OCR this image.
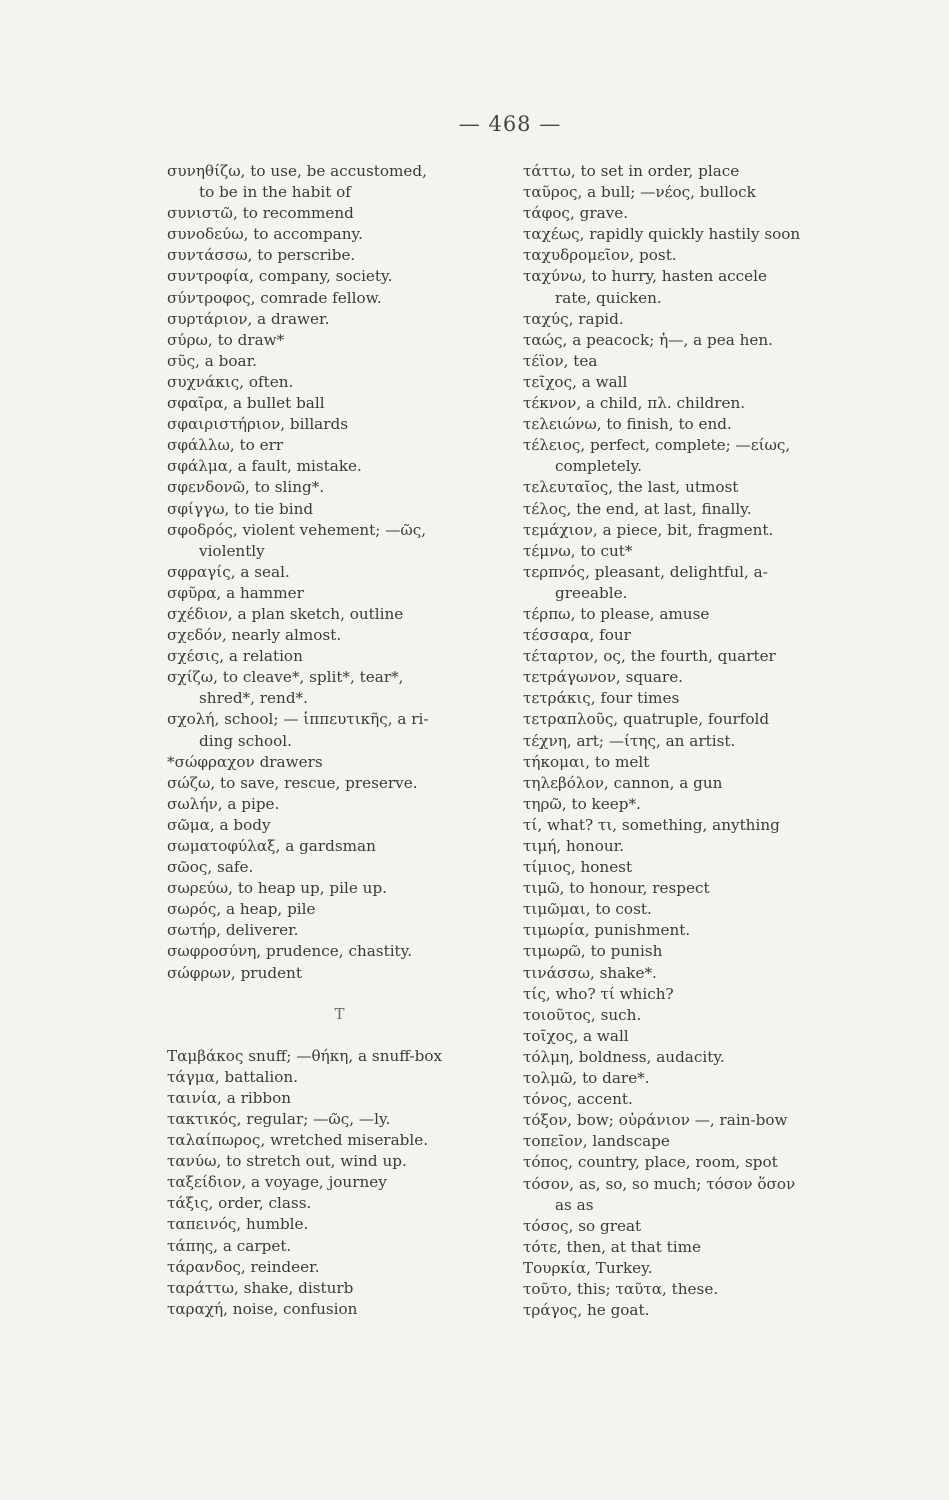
— 468 —
συνηθίζω, to use, be accustomed,
to be in the habit of
συνιστῶ, to recommend
συνοδεύω, to accompany.
συντάσσω, to perscribe.
συντροφία, company, society.
σύντροφος, comrade fellow.
συρτάριον, a drawer.
σύρω, to draw*
σῦς, a boar.
συχνάκις, often.
σφαῖρα, a bullet ball
σφαιριστήριον, billards
σφάλλω, to err
σφάλμα, a fault, mistake.
σφενδονῶ, to sling*.
σφίγγω, to tie bind
σφοδρός, violent vehement; —ῶς,
violently
σφραγίς, a seal.
σφῦρα, a hammer
σχέδιον, a plan sketch, outline
σχεδόν, nearly almost.
σχέσις, a relation
σχίζω, to cleave*, split*, tear*,
shred*, rend*.
σχολή, school; — ἱππευτικῆς, a ri-
ding school.
*σώφραχον drawers
σώζω, to save, rescue, preserve.
σωλήν, a pipe.
σῶμα, a body
σωματοφύλαξ, a gardsman
σῶος, safe.
σωρεύω, to heap up, pile up.
σωρός, a heap, pile
σωτήρ, deliverer.
σωφροσύνη, prudence, chastity.
σώφρων, prudent
T
Ταμβάκος snuff; —θήκη, a snuff-box
τάγμα, battalion.
ταινία, a ribbon
τακτικός, regular; —ῶς, —ly.
ταλαίπωρος, wretched miserable.
τανύω, to stretch out, wind up.
ταξείδιον, a voyage, journey
τάξις, order, class.
ταπεινός, humble.
τάπης, a carpet.
τάρανδος, reindeer.
ταράττω, shake, disturb
ταραχή, noise, confusion
τάττω, to set in order, place
ταῦρος, a bull; —νέος, bullock
τάφος, grave.
ταχέως, rapidly quickly hastily soon
ταχυδρομεῖον, post.
ταχύνω, to hurry, hasten accele
rate, quicken.
ταχύς, rapid.
ταώς, a peacock; ἡ—, a pea hen.
τέϊον, tea
τεῖχος, a wall
τέκνον, a child, πλ. children.
τελειώνω, to finish, to end.
τέλειος, perfect, complete; —είως,
completely.
τελευταῖος, the last, utmost
τέλος, the end, at last, finally.
τεμάχιον, a piece, bit, fragment.
τέμνω, to cut*
τερπνός, pleasant, delightful, a-
greeable.
τέρπω, to please, amuse
τέσσαρα, four
τέταρτον, ος, the fourth, quarter
τετράγωνον, square.
τετράκις, four times
τετραπλοῦς, quatruple, fourfold
τέχνη, art; —ίτης, an artist.
τήκομαι, to melt
τηλεβόλον, cannon, a gun
τηρῶ, to keep*.
τί, what? τι, something, anything
τιμή, honour.
τίμιος, honest
τιμῶ, to honour, respect
τιμῶμαι, to cost.
τιμωρία, punishment.
τιμωρῶ, to punish
τινάσσω, shake*.
τίς, who? τί which?
τοιοῦτος, such.
τοῖχος, a wall
τόλμη, boldness, audacity.
τολμῶ, to dare*.
τόνος, accent.
τόξον, bow; οὐράνιον —, rain-bow
τοπεῖον, landscape
τόπος, country, place, room, spot
τόσον, as, so, so much; τόσον ὅσον
as as
τόσος, so great
τότε, then, at that time
Τουρκία, Turkey.
τοῦτο, this; ταῦτα, these.
τράγος, he goat.
